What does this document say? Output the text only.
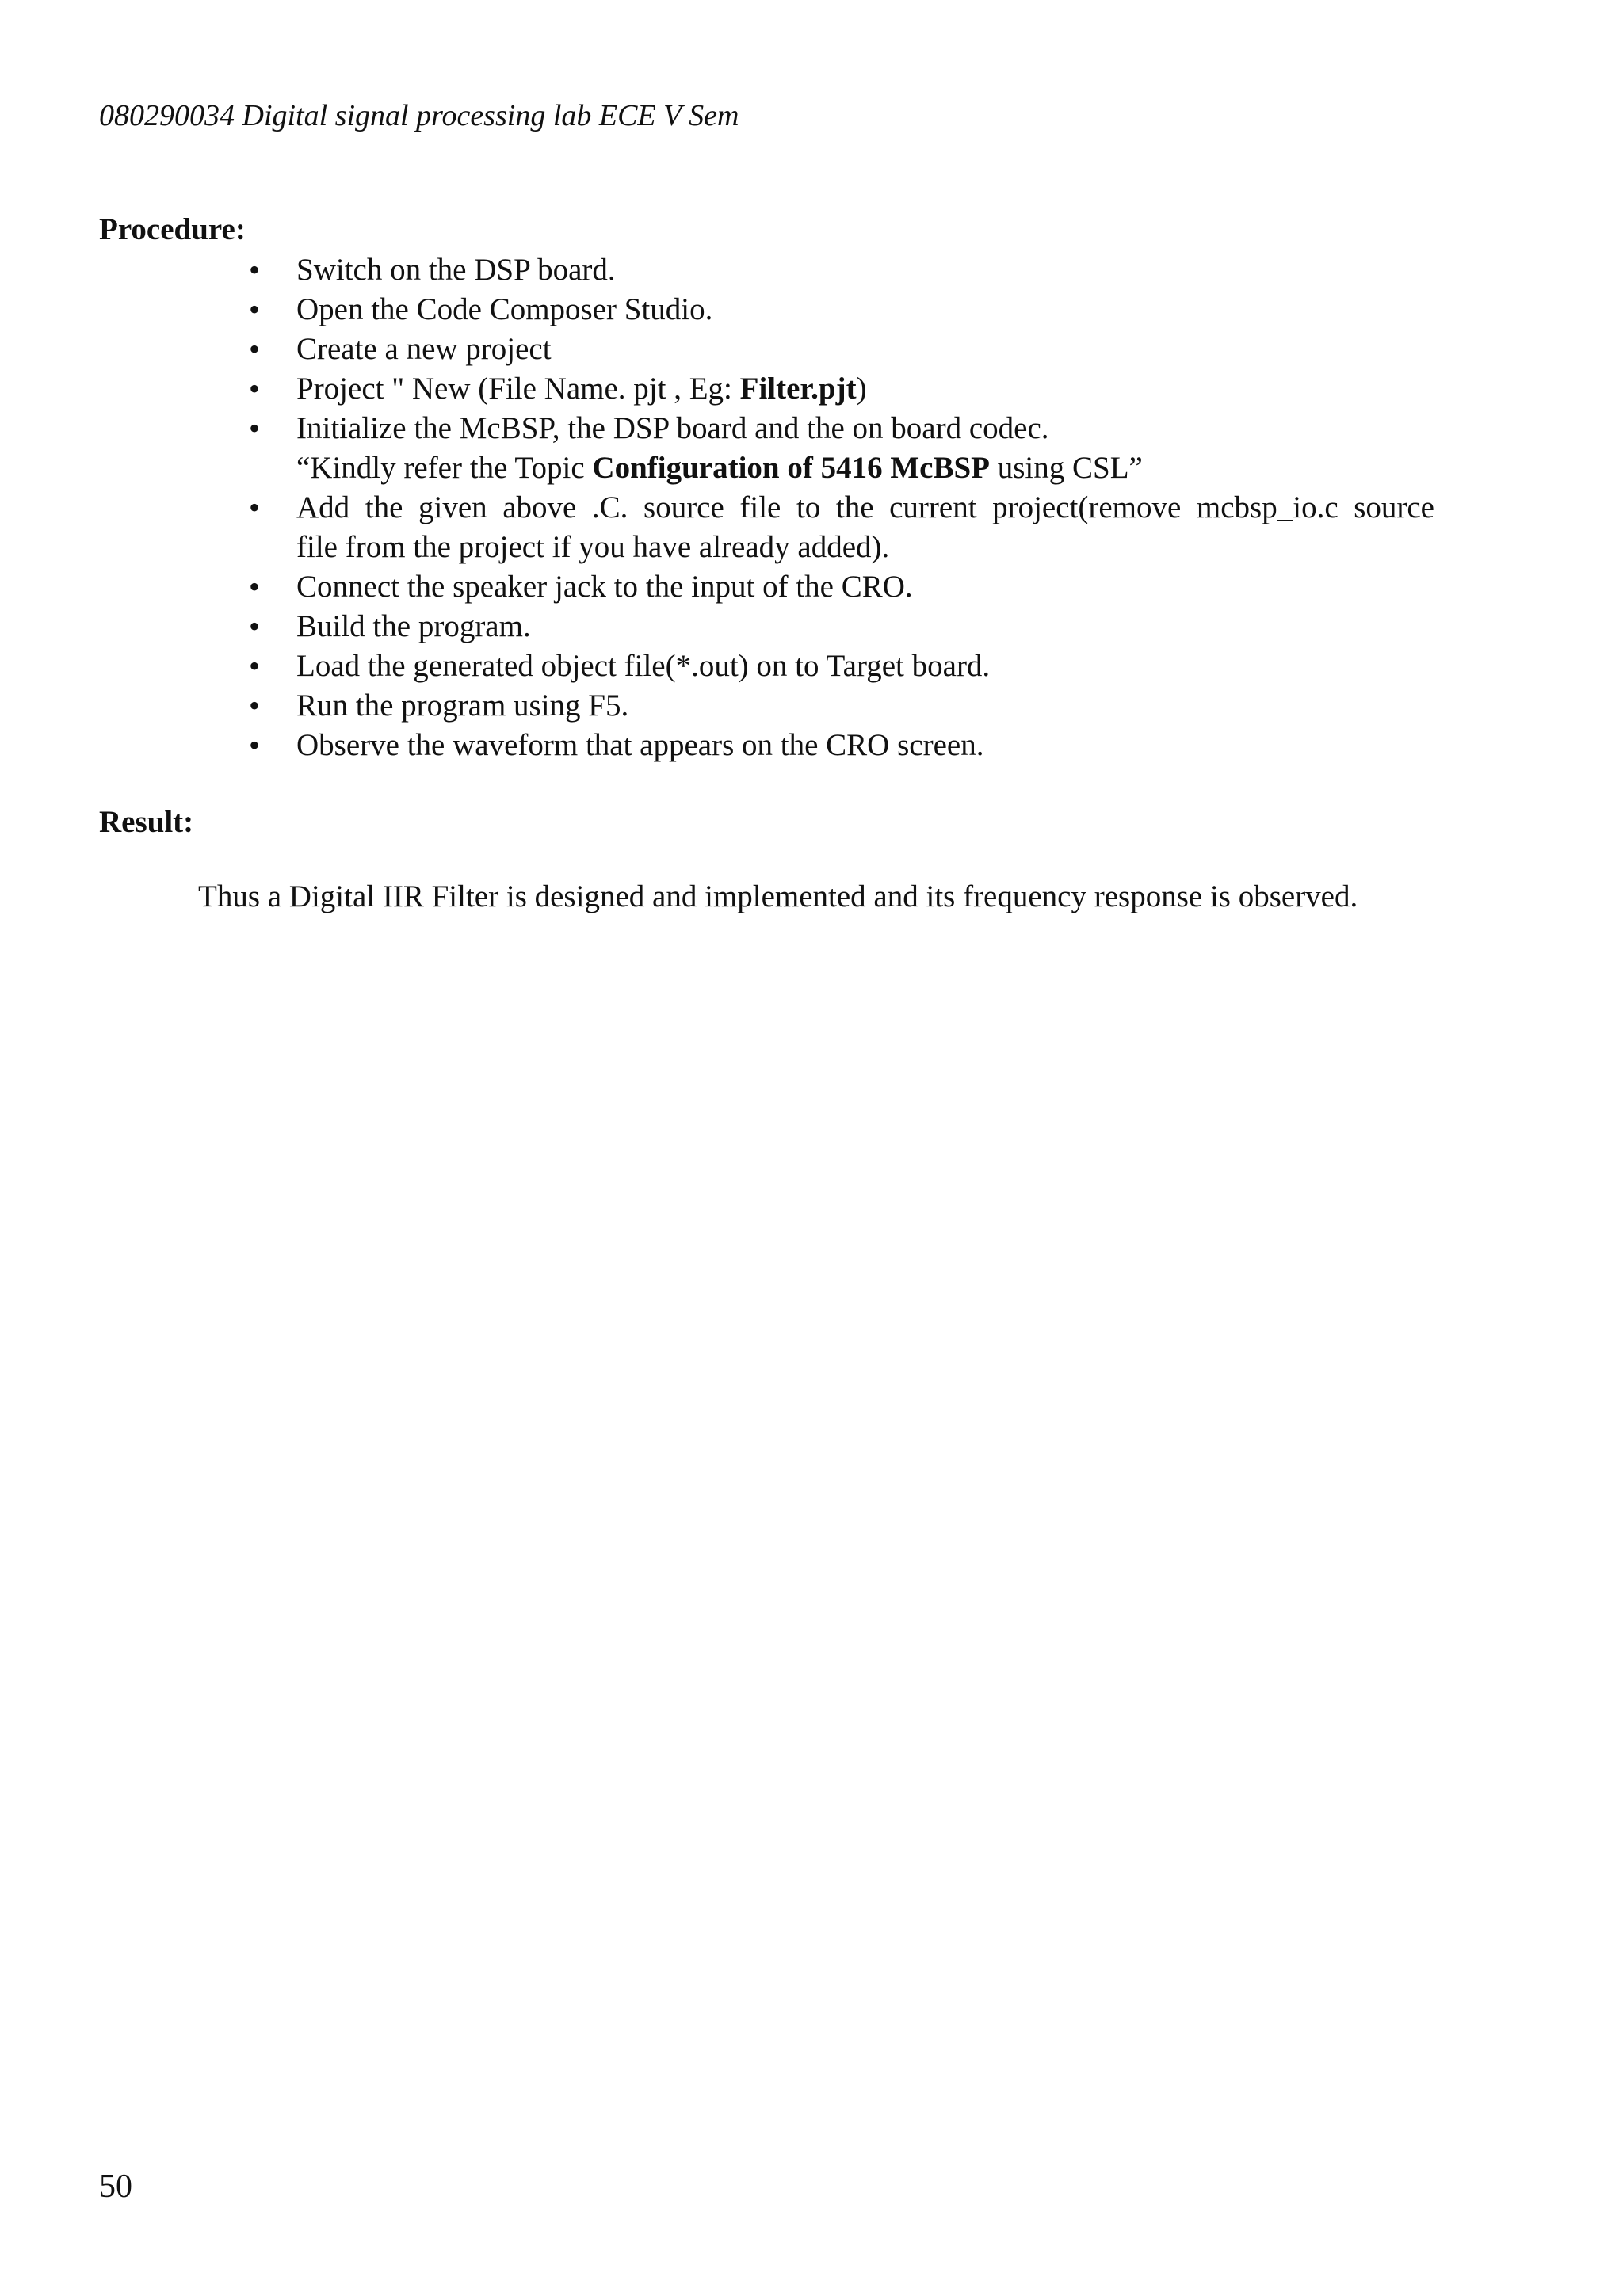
080290034 Digital signal processing lab ECE V Sem
Procedure:
• Switch on the DSP board.
• Open the Code Composer Studio.
• Create a new project
• Project " New (File Name. pjt , Eg: Filter.pjt)
• Initialize the McBSP, the DSP board and the on board codec.
“Kindly refer the Topic Configuration of 5416 McBSP using CSL”
• Add the given above .C. source file to the current project(remove mcbsp_io.c source
file from the project if you have already added).
• Connect the speaker jack to the input of the CRO.
• Build the program.
• Load the generated object file(*.out) on to Target board.
• Run the program using F5.
• Observe the waveform that appears on the CRO screen.
Result:
Thus a Digital IIR Filter is designed and implemented and its frequency response is observed.
50
